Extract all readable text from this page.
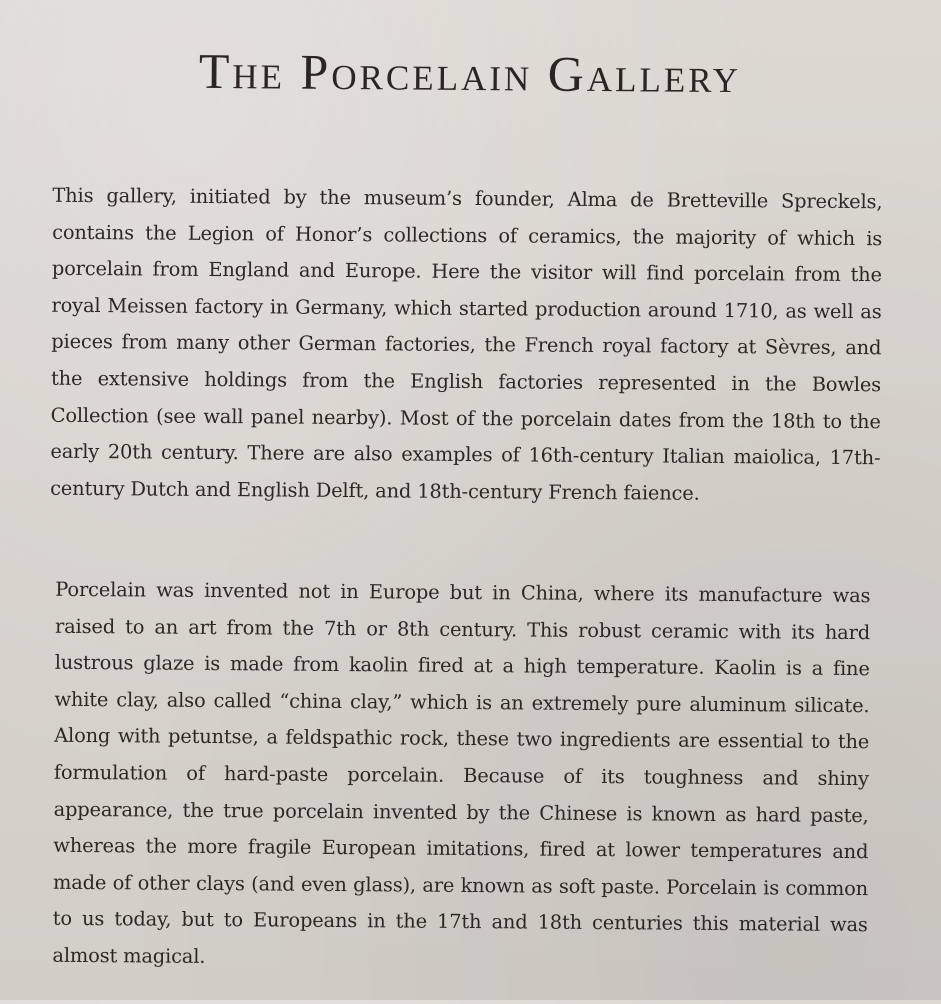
The Porcelain Gallery

This gallery, initiated by the museum’s founder, Alma de Bretteville Spreckels, contains the Legion of Honor’s collections of ceramics, the majority of which is porcelain from England and Europe. Here the visitor will find porcelain from the royal Meissen factory in Germany, which started production around 1710, as well as pieces from many other German factories, the French royal factory at Sèvres, and the extensive holdings from the English factories represented in the Bowles Collection (see wall panel nearby). Most of the porcelain dates from the 18th to the early 20th century. There are also examples of 16th-century Italian maiolica, 17th-century Dutch and English Delft, and 18th-century French faience.

Porcelain was invented not in Europe but in China, where its manufacture was raised to an art from the 7th or 8th century. This robust ceramic with its hard lustrous glaze is made from kaolin fired at a high temperature. Kaolin is a fine white clay, also called “china clay,” which is an extremely pure aluminum silicate. Along with petuntse, a feldspathic rock, these two ingredients are essential to the formulation of hard-paste porcelain. Because of its toughness and shiny appearance, the true porcelain invented by the Chinese is known as hard paste, whereas the more fragile European imitations, fired at lower temperatures and made of other clays (and even glass), are known as soft paste. Porcelain is common to us today, but to Europeans in the 17th and 18th centuries this material was almost magical.
